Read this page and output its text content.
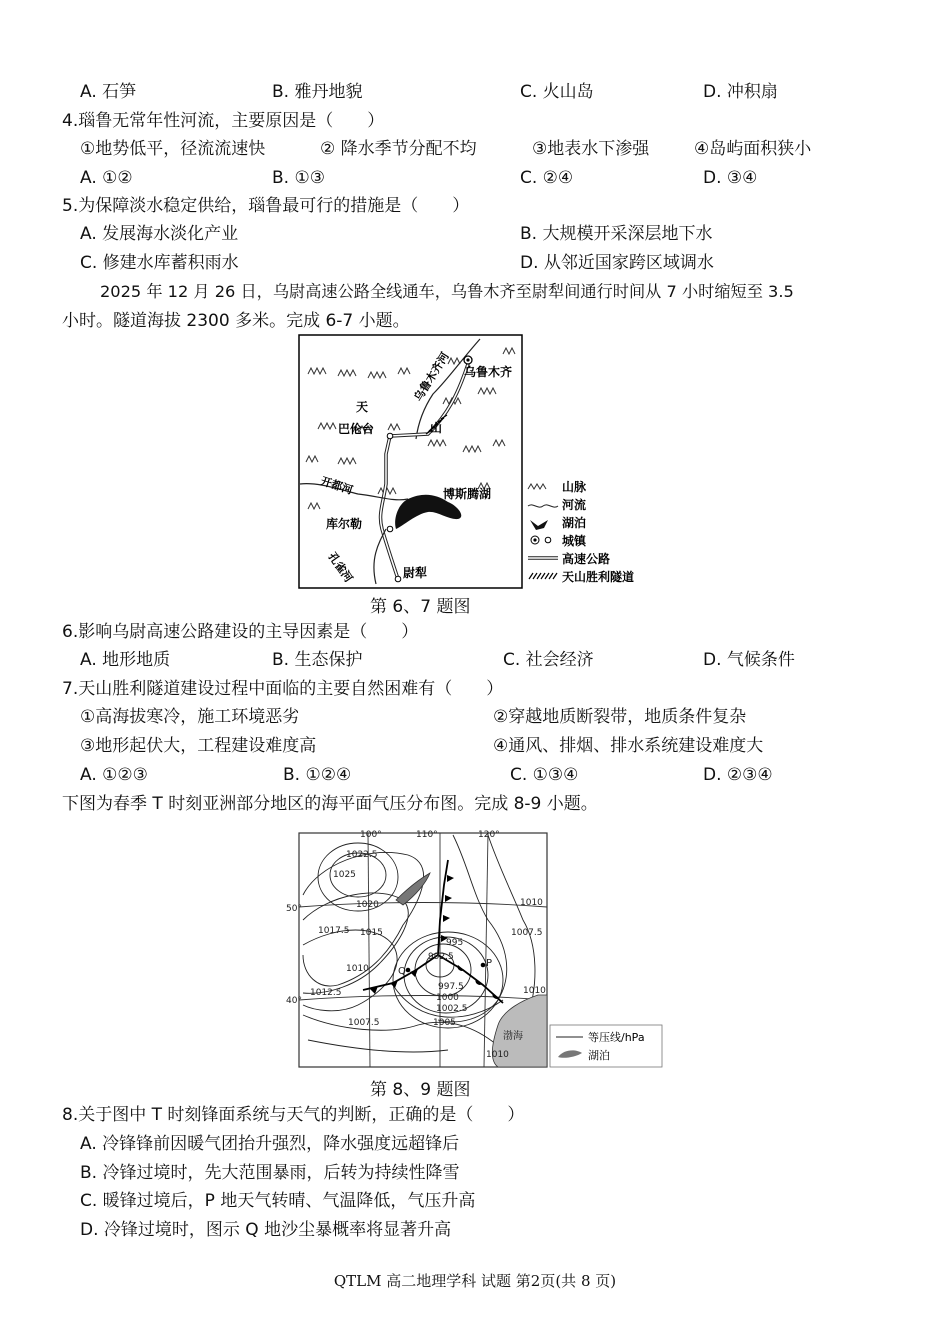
A. 石笋	B. 雅丹地貌	C. 火山岛	D. 冲积扇
4.瑙鲁无常年性河流，主要原因是（　　）
①地势低平，径流流速快	② 降水季节分配不均	③地表水下渗强	④岛屿面积狭小
A. ①②	B. ①③	C. ②④	D. ③④
5.为保障淡水稳定供给，瑙鲁最可行的措施是（　　）
A. 发展海水淡化产业	B. 大规模开采深层地下水
C. 修建水库蓄积雨水	D. 从邻近国家跨区域调水
2025 年 12 月 26 日，乌尉高速公路全线通车，乌鲁木齐至尉犁间通行时间从 7 小时缩短至 3.5
小时。隧道海拔 2300 多米。完成 6-7 小题。
乌鲁木齐
乌鲁木齐河
天
山
巴伦台
开都河	博斯腾湖
库尔勒
孔雀河	尉犁
山脉
河流
湖泊
城镇
高速公路
天山胜利隧道
第 6、7 题图
6.影响乌尉高速公路建设的主导因素是（　　）
A. 地形地质	B. 生态保护	C. 社会经济	D. 气候条件
7.天山胜利隧道建设过程中面临的主要自然困难有（　　）
①高海拔寒冷，施工环境恶劣	②穿越地质断裂带，地质条件复杂
③地形起伏大，工程建设难度高	④通风、排烟、排水系统建设难度大
A. ①②③	B. ①②④	C. ①③④	D. ②③④
下图为春季 T 时刻亚洲部分地区的海平面气压分布图。完成 8-9 小题。
100°	110°	120°
50°
40°
1022.5
1025
1020
1017.5 1015
1010
1012.5
1007.5
995
992.5
997.5
1000
1002.5
1005
1010
1010
1007.5
1010
P
Q
渤海	等压线/hPa
湖泊
第 8、9 题图
8.关于图中 T 时刻锋面系统与天气的判断，正确的是（　　）
A. 冷锋锋前因暖气团抬升强烈，降水强度远超锋后
B. 冷锋过境时，先大范围暴雨，后转为持续性降雪
C. 暖锋过境后，P 地天气转晴、气温降低，气压升高
D. 冷锋过境时，图示 Q 地沙尘暴概率将显著升高
QTLM 高二地理学科 试题 第2页(共 8 页)
